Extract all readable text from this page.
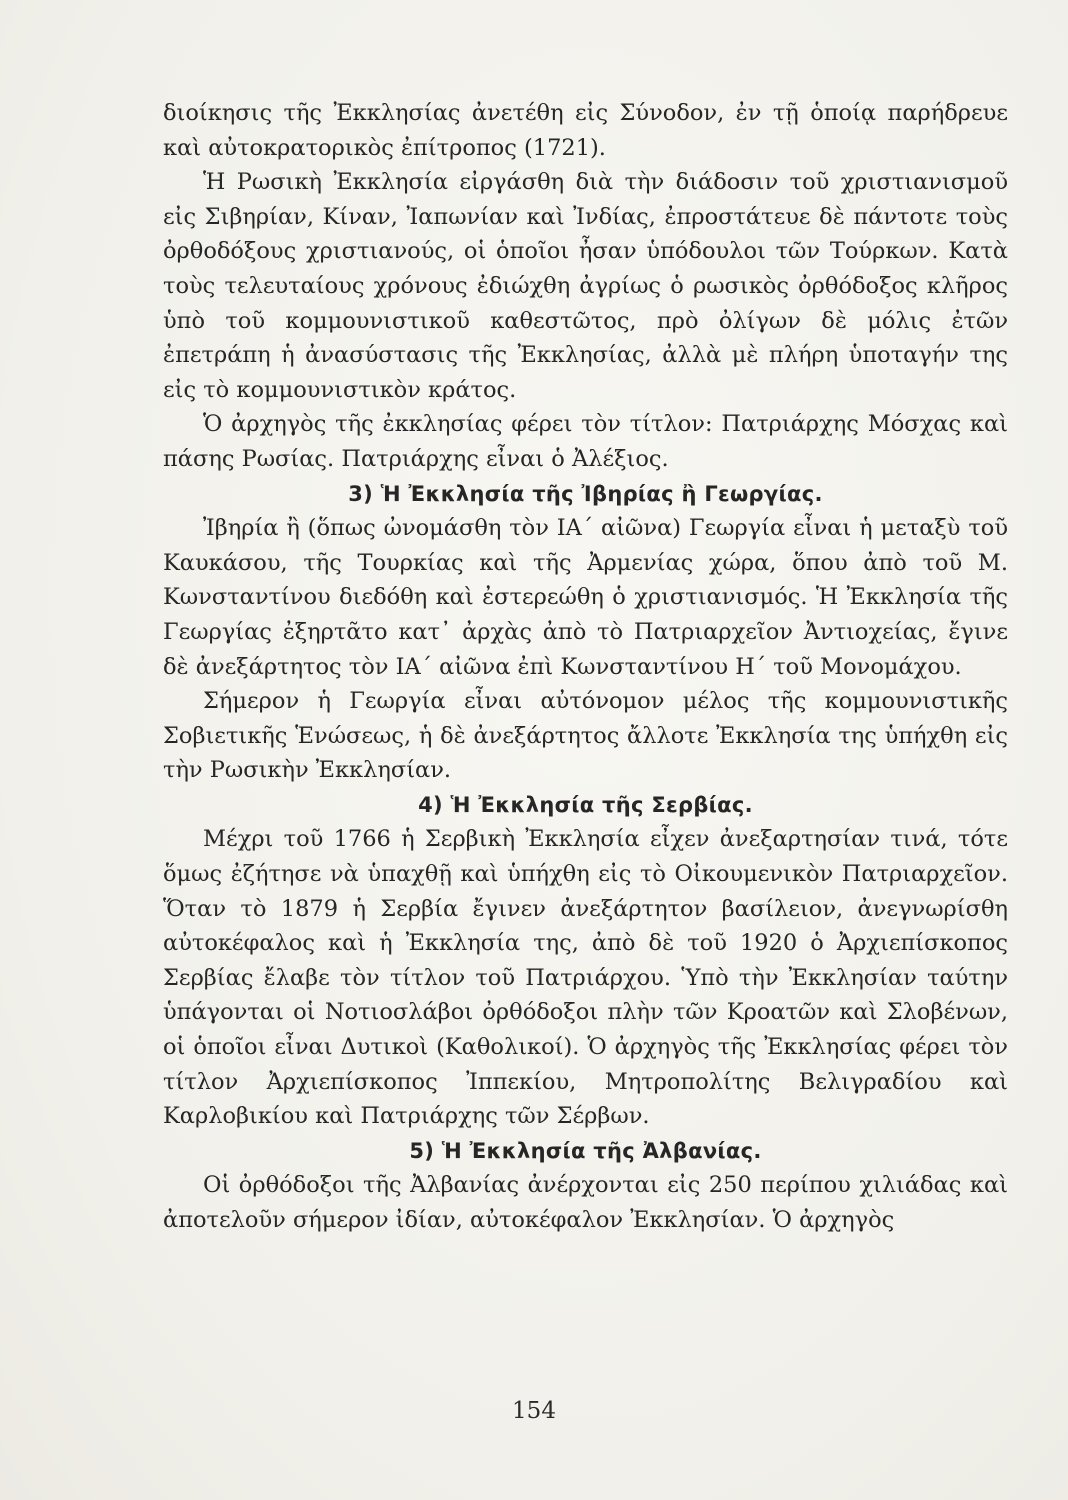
διοίκησις τῆς Ἐκκλησίας ἀνετέθη εἰς Σύνοδον, ἐν τῇ ὁποίᾳ παρήδρευε καὶ αὐτοκρατορικὸς ἐπίτροπος (1721).

Ἡ Ρωσικὴ Ἐκκλησία εἰργάσθη διὰ τὴν διάδοσιν τοῦ χριστιανισμοῦ εἰς Σιβηρίαν, Κίναν, Ἰαπωνίαν καὶ Ἰνδίας, ἐπροστάτευε δὲ πάντοτε τοὺς ὀρθοδόξους χριστιανούς, οἱ ὁποῖοι ἦσαν ὑπόδουλοι τῶν Τούρκων. Κατὰ τοὺς τελευταίους χρόνους ἐδιώχθη ἀγρίως ὁ ρωσικὸς ὀρθόδοξος κλῆρος ὑπὸ τοῦ κομμουνιστικοῦ καθεστῶτος, πρὸ ὀλίγων δὲ μόλις ἐτῶν ἐπετράπη ἡ ἀνασύστασις τῆς Ἐκκλησίας, ἀλλὰ μὲ πλήρη ὑποταγήν της εἰς τὸ κομμουνιστικὸν κράτος.

Ὁ ἀρχηγὸς τῆς ἐκκλησίας φέρει τὸν τίτλον: Πατριάρχης Μόσχας καὶ πάσης Ρωσίας. Πατριάρχης εἶναι ὁ Ἀλέξιος.

3) Ἡ Ἐκκλησία τῆς Ἰβηρίας ἢ Γεωργίας.

Ἰβηρία ἢ (ὅπως ὠνομάσθη τὸν ΙΑ΄ αἰῶνα) Γεωργία εἶναι ἡ μεταξὺ τοῦ Καυκάσου, τῆς Τουρκίας καὶ τῆς Ἀρμενίας χώρα, ὅπου ἀπὸ τοῦ Μ. Κωνσταντίνου διεδόθη καὶ ἐστερεώθη ὁ χριστιανισμός. Ἡ Ἐκκλησία τῆς Γεωργίας ἐξηρτᾶτο κατ᾿ ἀρχὰς ἀπὸ τὸ Πατριαρχεῖον Ἀντιοχείας, ἔγινε δὲ ἀνεξάρτητος τὸν ΙΑ΄ αἰῶνα ἐπὶ Κωνσταντίνου Η΄ τοῦ Μονομάχου.

Σήμερον ἡ Γεωργία εἶναι αὐτόνομον μέλος τῆς κομμουνιστικῆς Σοβιετικῆς Ἑνώσεως, ἡ δὲ ἀνεξάρτητος ἄλλοτε Ἐκκλησία της ὑπήχθη εἰς τὴν Ρωσικὴν Ἐκκλησίαν.

4) Ἡ Ἐκκλησία τῆς Σερβίας.

Μέχρι τοῦ 1766 ἡ Σερβικὴ Ἐκκλησία εἶχεν ἀνεξαρτησίαν τινά, τότε ὅμως ἐζήτησε νὰ ὑπαχθῇ καὶ ὑπήχθη εἰς τὸ Οἰκουμενικὸν Πατριαρχεῖον. Ὅταν τὸ 1879 ἡ Σερβία ἔγινεν ἀνεξάρτητον βασίλειον, ἀνεγνωρίσθη αὐτοκέφαλος καὶ ἡ Ἐκκλησία της, ἀπὸ δὲ τοῦ 1920 ὁ Ἀρχιεπίσκοπος Σερβίας ἔλαβε τὸν τίτλον τοῦ Πατριάρχου. Ὑπὸ τὴν Ἐκκλησίαν ταύτην ὑπάγονται οἱ Νοτιοσλάβοι ὀρθόδοξοι πλὴν τῶν Κροατῶν καὶ Σλοβένων, οἱ ὁποῖοι εἶναι Δυτικοὶ (Καθολικοί). Ὁ ἀρχηγὸς τῆς Ἐκκλησίας φέρει τὸν τίτλον Ἀρχιεπίσκοπος Ἰππεκίου, Μητροπολίτης Βελιγραδίου καὶ Καρλοβικίου καὶ Πατριάρχης τῶν Σέρβων.

5) Ἡ Ἐκκλησία τῆς Ἀλβανίας.

Οἱ ὀρθόδοξοι τῆς Ἀλβανίας ἀνέρχονται εἰς 250 περίπου χιλιάδας καὶ ἀποτελοῦν σήμερον ἰδίαν, αὐτοκέφαλον Ἐκκλησίαν. Ὁ ἀρχηγὸς

154
